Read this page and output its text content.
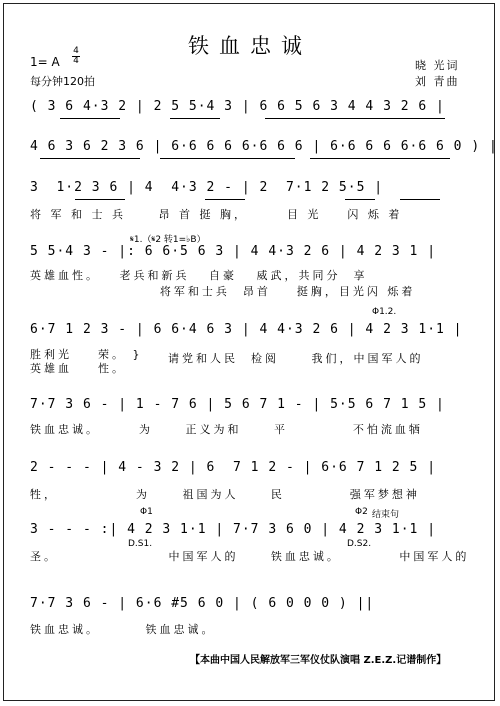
铁血忠诚
1= A
4
4
每分钟120拍
晓 光词
刘 青曲
( 3 6 4·3 2 | 2 5 5·4 3 | 6 6 5 6 3 4 4 3 2 6 |
4 6 3 6 2 3 6 | 6·6 6 6 6·6 6 6 | 6·6 6 6 6·6 6 0 ) |
3  1·2 3 6 | 4  4·3 2 - | 2  7·1 2 5·5 |
将 军 和 士 兵     昂 首 挺 胸，      目 光    闪 烁 着
𝄋1.（𝄋2 转1=♭B）
5 5·4 3 - |: 6 6·5 6 3 | 4 4·3 2 6 | 4 2 3 1 |
英雄血性。   老兵和新兵   自豪   威武，共同分  享
将军和士兵  昂首    挺胸，目光闪 烁着
Φ1.2.
6·7 1 2 3 - | 6 6·4 6 3 | 4 4·3 2 6 | 4 2 3 1·1 |
胜利光    荣。 }
英雄血    性。
请党和人民  检阅     我们，中国军人的
7·7 3 6 - | 1 - 7 6 | 5 6 7 1 - | 5·5 6 7 1 5 |
铁血忠诚。      为     正义为和     平          不怕流血牺
2 - - - | 4 - 3 2 | 6  7 1 2 - | 6·6 7 1 2 5 |
牲，            为     祖国为人     民          强军梦想神
Φ1	Φ2 结束句
3 - - - :| 4 2 3 1·1 | 7·7 3 6 0 | 4 2 3 1·1 |
D.S1.	D.S2.
圣。                 中国军人的     铁血忠诚。         中国军人的
7·7 3 6 - | 6·6 #5 6 0 | ( 6 0 0 0 ) ||
铁血忠诚。       铁血忠诚。
【本曲中国人民解放军三军仪仗队演唱 Z.E.Z.记谱制作】
